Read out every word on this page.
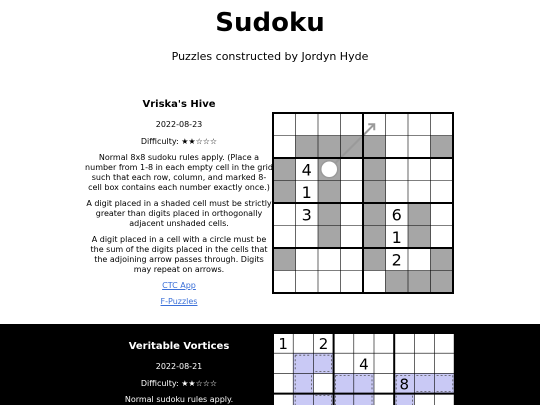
Sudoku
Puzzles constructed by Jordyn Hyde

Vriska's Hive

2022-08-23

Difficulty: ★★☆☆☆

Normal 8x8 sudoku rules apply. (Place a number from 1-8 in each empty cell in the grid such that each row, column, and marked 8-cell box contains each number exactly once.)

A digit placed in a shaded cell must be strictly greater than digits placed in orthogonally adjacent unshaded cells.

A digit placed in a cell with a circle must be the sum of the digits placed in the cells that the adjoining arrow passes through. Digits may repeat on arrows.

CTC App

F-Puzzles

4
1
3	6
1
2

Veritable Vortices

2022-08-21

Difficulty: ★★☆☆☆

Normal sudoku rules apply.

1 2
4
8
